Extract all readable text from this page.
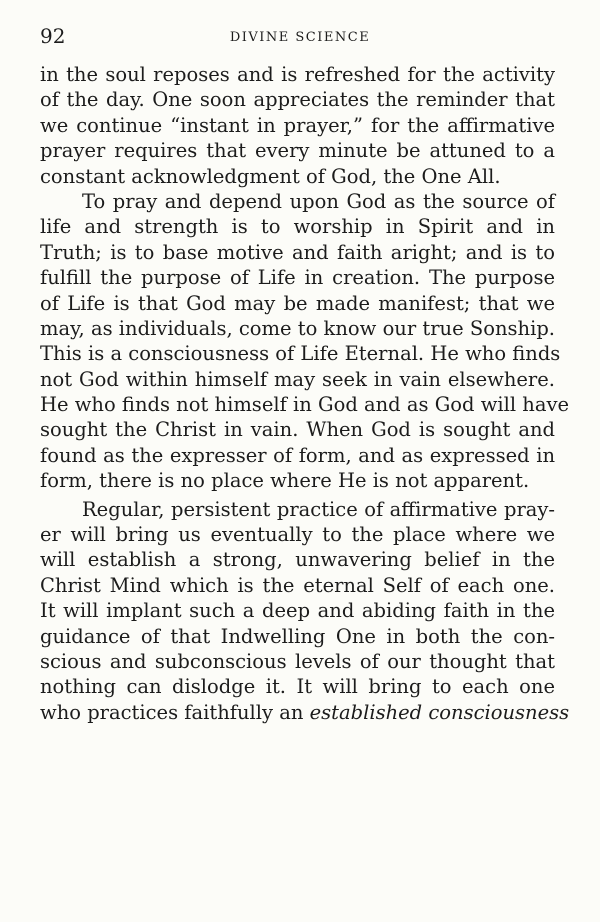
92	DIVINE SCIENCE
in the soul reposes and is refreshed for the activity
of the day. One soon appreciates the reminder that
we continue “instant in prayer,” for the affirmative
prayer requires that every minute be attuned to a
constant acknowledgment of God, the One All.
To pray and depend upon God as the source of
life and strength is to worship in Spirit and in
Truth; is to base motive and faith aright; and is to
fulfill the purpose of Life in creation. The purpose
of Life is that God may be made manifest; that we
may, as individuals, come to know our true Sonship.
This is a consciousness of Life Eternal. He who finds
not God within himself may seek in vain elsewhere.
He who finds not himself in God and as God will have
sought the Christ in vain. When God is sought and
found as the expresser of form, and as expressed in
form, there is no place where He is not apparent.
Regular, persistent practice of affirmative pray-
er will bring us eventually to the place where we
will establish a strong, unwavering belief in the
Christ Mind which is the eternal Self of each one.
It will implant such a deep and abiding faith in the
guidance of that Indwelling One in both the con-
scious and subconscious levels of our thought that
nothing can dislodge it. It will bring to each one
who practices faithfully an established consciousness
